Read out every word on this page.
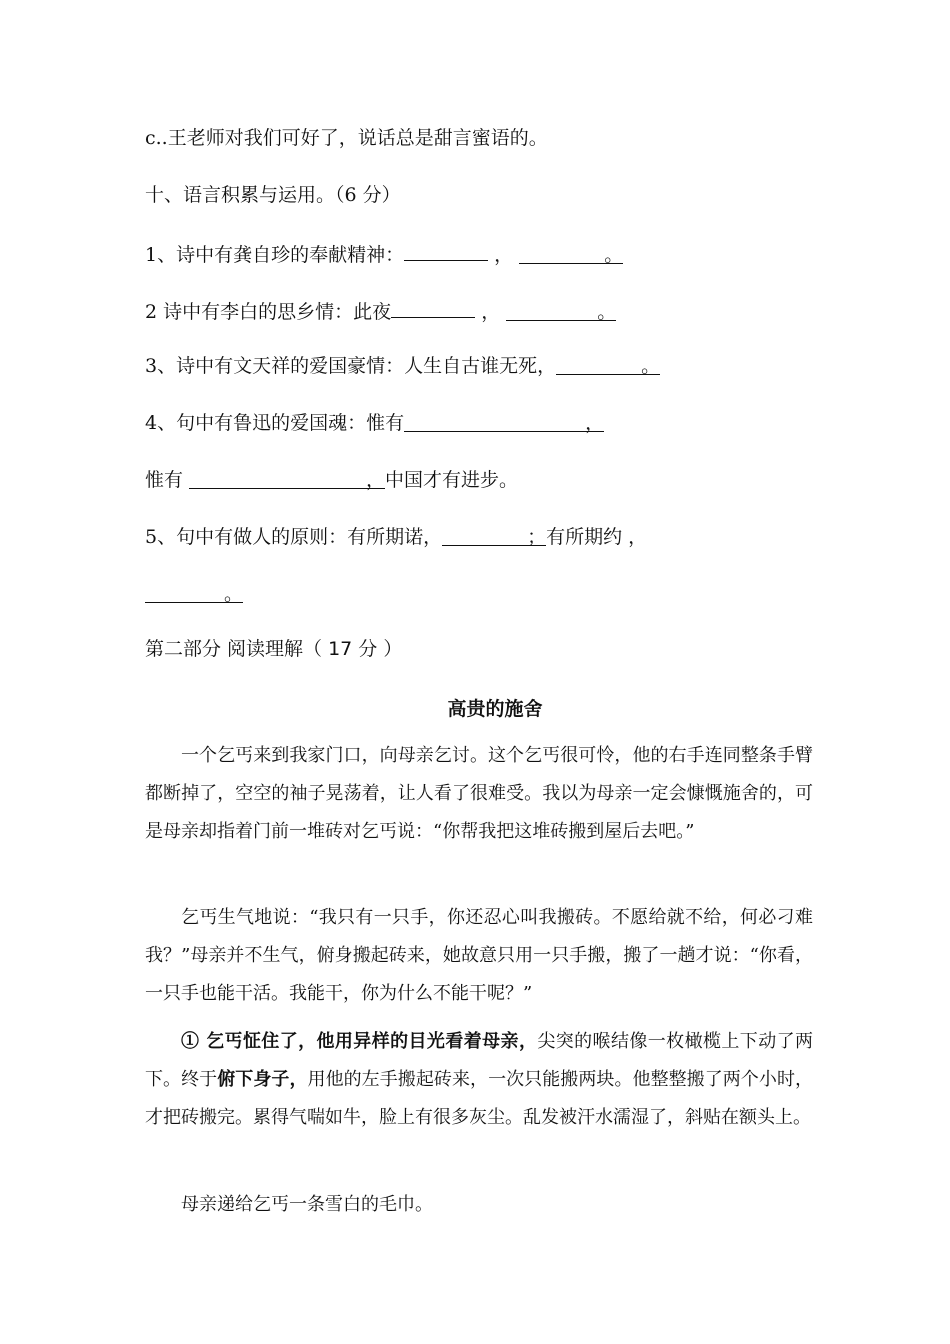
c..王老师对我们可好了，说话总是甜言蜜语的。
十、语言积累与运用。（6 分）
1、诗中有龚自珍的奉献精神：	，	。
2 诗中有李白的思乡情：此夜	，	。
3、诗中有文天祥的爱国豪情：人生自古谁无死，	。
4、句中有鲁迅的爱国魂：惟有	，
惟有	，中国才有进步。
5、句中有做人的原则：有所期诺，	；有所期约 ，
。
第二部分 阅读理解（ 17 分 ）
高贵的施舍
一个乞丐来到我家门口，向母亲乞讨。这个乞丐很可怜，他的右手连同整条手臂都断掉了，空空的袖子晃荡着，让人看了很难受。我以为母亲一定会慷慨施舍的，可是母亲却指着门前一堆砖对乞丐说：“你帮我把这堆砖搬到屋后去吧。”
乞丐生气地说：“我只有一只手，你还忍心叫我搬砖。不愿给就不给，何必刁难我？”母亲并不生气，俯身搬起砖来，她故意只用一只手搬，搬了一趟才说：“你看，一只手也能干活。我能干，你为什么不能干呢？”
① 乞丐怔住了，他用异样的目光看着母亲，尖突的喉结像一枚橄榄上下动了两下。终于俯下身子，用他的左手搬起砖来，一次只能搬两块。他整整搬了两个小时，才把砖搬完。累得气喘如牛，脸上有很多灰尘。乱发被汗水濡湿了，斜贴在额头上。
母亲递给乞丐一条雪白的毛巾。
